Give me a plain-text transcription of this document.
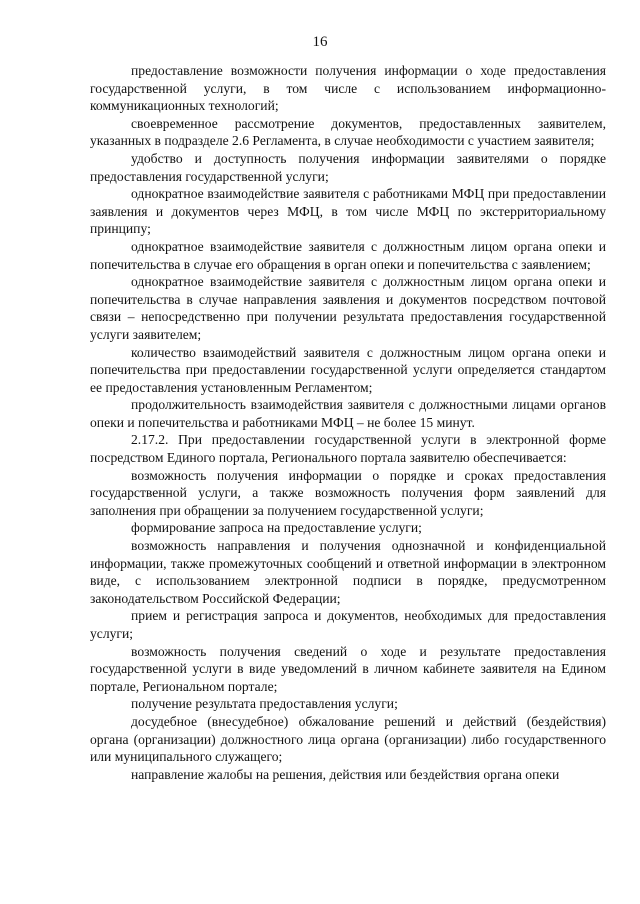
16

предоставление возможности получения информации о ходе предоставления государственной услуги, в том числе с использованием информационно-коммуникационных технологий;

своевременное рассмотрение документов, предоставленных заявителем, указанных в подразделе 2.6 Регламента, в случае необходимости с участием заявителя;

удобство и доступность получения информации заявителями о порядке предоставления государственной услуги;

однократное взаимодействие заявителя с работниками МФЦ при предоставлении заявления и документов через МФЦ, в том числе МФЦ по экстерриториальному принципу;

однократное взаимодействие заявителя с должностным лицом органа опеки и попечительства в случае его обращения в орган опеки и попечительства с заявлением;

однократное взаимодействие заявителя с должностным лицом органа опеки и попечительства в случае направления заявления и документов посредством почтовой связи – непосредственно при получении результата предоставления государственной услуги заявителем;

количество взаимодействий заявителя с должностным лицом органа опеки и попечительства при предоставлении государственной услуги определяется стандартом ее предоставления установленным Регламентом;

продолжительность взаимодействия заявителя с должностными лицами органов опеки и попечительства и работниками МФЦ – не более 15 минут.

2.17.2. При предоставлении государственной услуги в электронной форме посредством Единого портала, Регионального портала заявителю обеспечивается:

возможность получения информации о порядке и сроках предоставления государственной услуги, а также возможность получения форм заявлений для заполнения при обращении за получением государственной услуги;

формирование запроса на предоставление услуги;

возможность направления и получения однозначной и конфиденциальной информации, также промежуточных сообщений и ответной информации в электронном виде, с использованием электронной подписи в порядке, предусмотренном законодательством Российской Федерации;

прием и регистрация запроса и документов, необходимых для предоставления услуги;

возможность получения сведений о ходе и результате предоставления государственной услуги в виде уведомлений в личном кабинете заявителя на Едином портале, Региональном портале;

получение результата предоставления услуги;

досудебное (внесудебное) обжалование решений и действий (бездействия) органа (организации) должностного лица органа (организации) либо государственного или муниципального служащего;

направление жалобы на решения, действия или бездействия органа опеки
